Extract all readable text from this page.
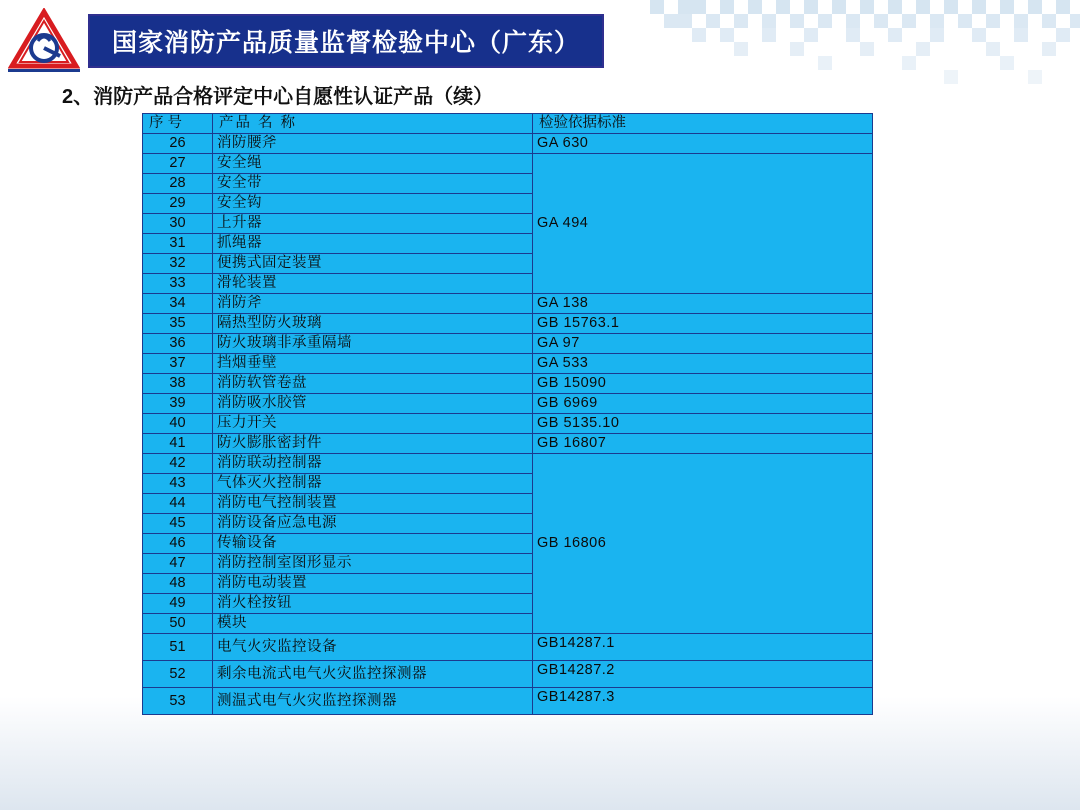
国家消防产品质量监督检验中心（广东）
2、消防产品合格评定中心自愿性认证产品（续）
序号	产品 名 称	检验依据标准
26	消防腰斧	GA 630
27	安全绳	GA 494
28	安全带	
29	安全钩	
30	上升器	
31	抓绳器	
32	便携式固定装置	
33	滑轮装置	
34	消防斧	GA 138
35	隔热型防火玻璃	GB 15763.1
36	防火玻璃非承重隔墙	GA 97
37	挡烟垂壁	GA 533
38	消防软管卷盘	GB 15090
39	消防吸水胶管	GB 6969
40	压力开关	GB 5135.10
41	防火膨胀密封件	GB 16807
42	消防联动控制器	GB 16806
43	气体灭火控制器	
44	消防电气控制装置	
45	消防设备应急电源	
46	传输设备	
47	消防控制室图形显示	
48	消防电动装置	
49	消火栓按钮	
50	模块	
51	电气火灾监控设备	GB14287.1
52	剩余电流式电气火灾监控探测器	GB14287.2
53	测温式电气火灾监控探测器	GB14287.3
